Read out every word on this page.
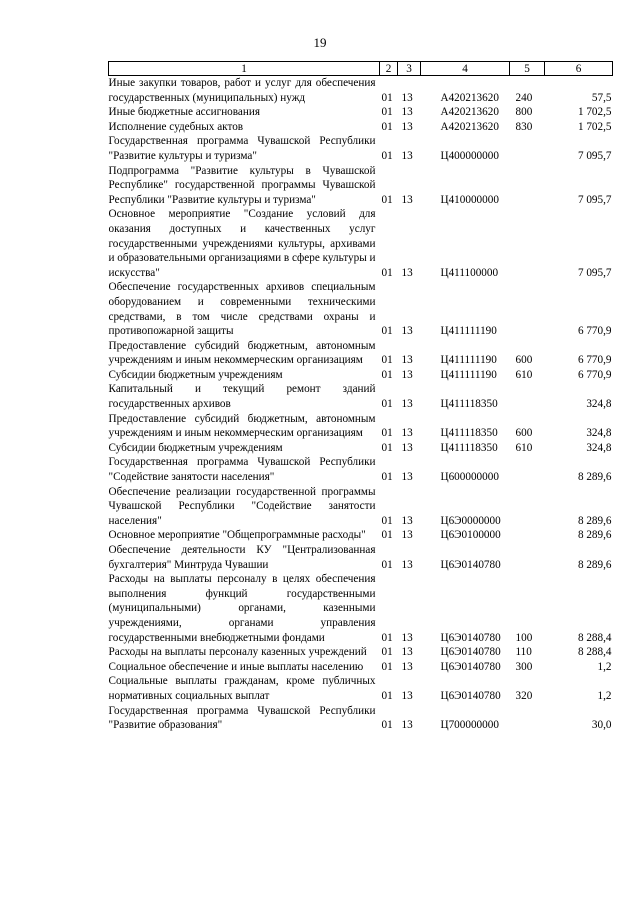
19
1	2	3	4	5	6
Иные закупки товаров, работ и услуг для обеспечения государственных (муниципальных) нужд	01	13	А420213620	240	57,5
Иные бюджетные ассигнования	01	13	А420213620	800	1 702,5
Исполнение судебных актов	01	13	А420213620	830	1 702,5
Государственная программа Чувашской Республики "Развитие культуры и туризма"	01	13	Ц400000000		7 095,7
Подпрограмма "Развитие культуры в Чувашской Республике" государственной программы Чувашской Республики "Развитие культуры и туризма"	01	13	Ц410000000		7 095,7
Основное мероприятие "Создание условий для оказания доступных и качественных услуг государственными учреждениями культуры, архивами и образовательными организациями в сфере культуры и искусства"	01	13	Ц411100000		7 095,7
Обеспечение государственных архивов специальным оборудованием и современными техническими средствами, в том числе средствами охраны и противопожарной защиты	01	13	Ц411111190		6 770,9
Предоставление субсидий бюджетным, автономным учреждениям и иным некоммерческим организациям	01	13	Ц411111190	600	6 770,9
Субсидии бюджетным учреждениям	01	13	Ц411111190	610	6 770,9
Капитальный и текущий ремонт зданий государственных архивов	01	13	Ц411118350		324,8
Предоставление субсидий бюджетным, автономным учреждениям и иным некоммерческим организациям	01	13	Ц411118350	600	324,8
Субсидии бюджетным учреждениям	01	13	Ц411118350	610	324,8
Государственная программа Чувашской Республики "Содействие занятости населения"	01	13	Ц600000000		8 289,6
Обеспечение реализации государственной программы Чувашской Республики "Содействие занятости населения"	01	13	Ц6Э0000000		8 289,6
Основное мероприятие "Общепрограммные расходы"	01	13	Ц6Э0100000		8 289,6
Обеспечение деятельности КУ "Централизованная бухгалтерия" Минтруда Чувашии	01	13	Ц6Э0140780		8 289,6
Расходы на выплаты персоналу в целях обеспечения выполнения функций государственными (муниципальными) органами, казенными учреждениями, органами управления государственными внебюджетными фондами	01	13	Ц6Э0140780	100	8 288,4
Расходы на выплаты персоналу казенных учреждений	01	13	Ц6Э0140780	110	8 288,4
Социальное обеспечение и иные выплаты населению	01	13	Ц6Э0140780	300	1,2
Социальные выплаты гражданам, кроме публичных нормативных социальных выплат	01	13	Ц6Э0140780	320	1,2
Государственная программа Чувашской Республики "Развитие образования"	01	13	Ц700000000		30,0
